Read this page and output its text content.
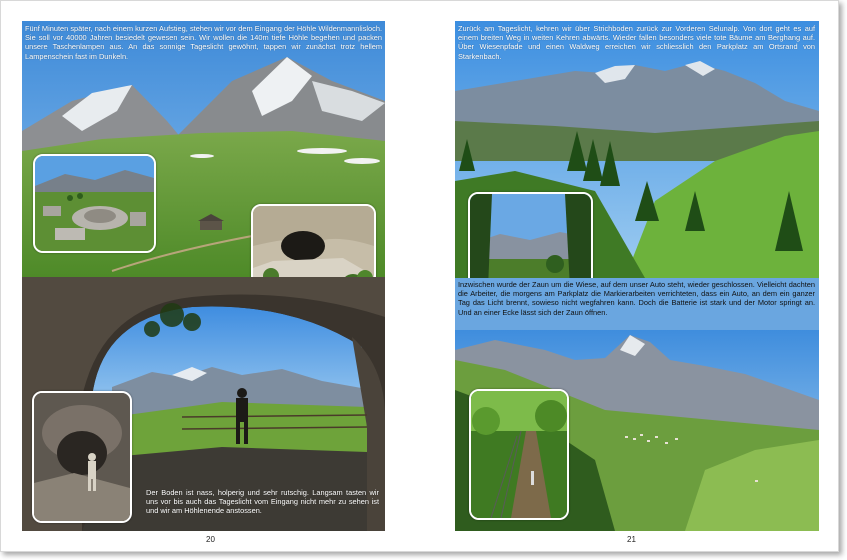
Fünf Minuten später, nach einem kurzen Aufstieg, stehen wir vor dem Eingang der Höhle Wildenmannlisloch. Sie soll vor 40000 Jahren besiedelt gewesen sein. Wir wollen die 140m tiefe Höhle begehen und packen unsere Taschenlampen aus. An das sonnige Tageslicht gewöhnt, tappen wir zunächst trotz hellem Lampenschein fast im Dunkeln.

Der Boden ist nass, holperig und sehr rutschig. Langsam tasten wir uns vor bis auch das Tageslicht vom Eingang nicht mehr zu sehen ist und wir am Höhlenende anstossen.

20

Zurück am Tageslicht, kehren wir über Strichboden zurück zur Vorderen Selunalp. Von dort geht es auf einem breiten Weg in weiten Kehren abwärts. Wieder fallen besonders viele tote Bäume am Berghang auf. Über Wiesenpfade und einen Waldweg erreichen wir schliesslich den Parkplatz am Ortsrand von Starkenbach.

Inzwischen wurde der Zaun um die Wiese, auf dem unser Auto steht, wieder geschlossen. Vielleicht dachten die Arbeiter, die morgens am Parkplatz die Markierarbeiten verrichteten, dass ein Auto, an dem ein ganzer Tag das Licht brennt, sowieso nicht wegfahren kann. Doch die Batterie ist stark und der Motor springt an. Und an einer Ecke lässt sich der Zaun öffnen.

21
